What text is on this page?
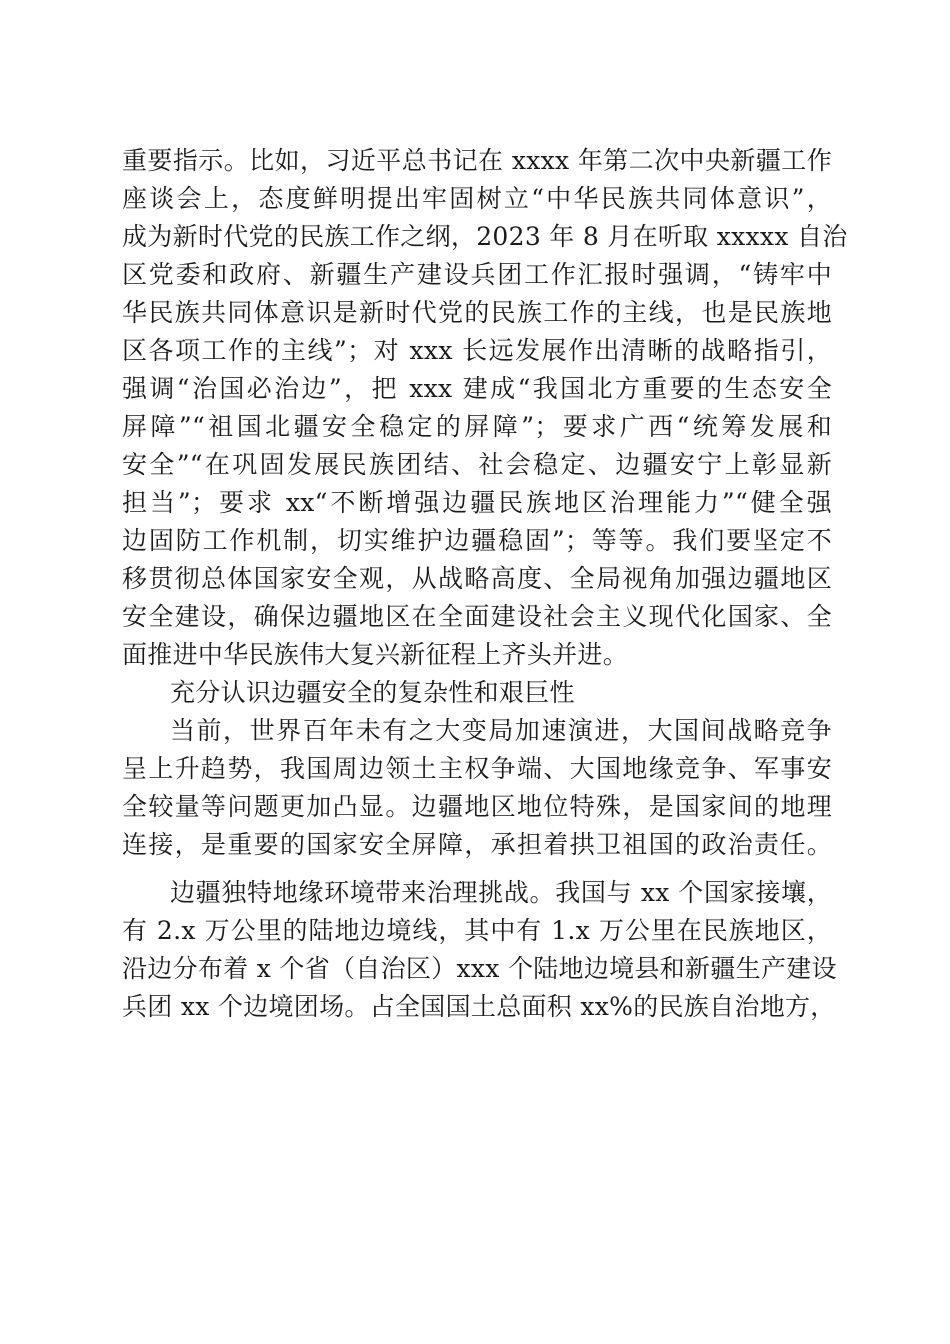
重要指示。比如，习近平总书记在 xxxx 年第二次中央新疆工作
座谈会上，态度鲜明提出牢固树立“中华民族共同体意识”，
成为新时代党的民族工作之纲，2023 年 8 月在听取 xxxxx 自治
区党委和政府、新疆生产建设兵团工作汇报时强调，“铸牢中
华民族共同体意识是新时代党的民族工作的主线，也是民族地
区各项工作的主线”；对 xxx 长远发展作出清晰的战略指引，
强调“治国必治边”，把 xxx 建成“我国北方重要的生态安全
屏障”“祖国北疆安全稳定的屏障”；要求广西“统筹发展和
安全”“在巩固发展民族团结、社会稳定、边疆安宁上彰显新
担当”；要求 xx“不断增强边疆民族地区治理能力”“健全强
边固防工作机制，切实维护边疆稳固”；等等。我们要坚定不
移贯彻总体国家安全观，从战略高度、全局视角加强边疆地区
安全建设，确保边疆地区在全面建设社会主义现代化国家、全
面推进中华民族伟大复兴新征程上齐头并进。
充分认识边疆安全的复杂性和艰巨性
当前，世界百年未有之大变局加速演进，大国间战略竞争
呈上升趋势，我国周边领土主权争端、大国地缘竞争、军事安
全较量等问题更加凸显。边疆地区地位特殊，是国家间的地理
连接，是重要的国家安全屏障，承担着拱卫祖国的政治责任。
边疆独特地缘环境带来治理挑战。我国与 xx 个国家接壤，
有 2.x 万公里的陆地边境线，其中有 1.x 万公里在民族地区，
沿边分布着 x 个省（自治区）xxx 个陆地边境县和新疆生产建设
兵团 xx 个边境团场。占全国国土总面积 xx%的民族自治地方，
